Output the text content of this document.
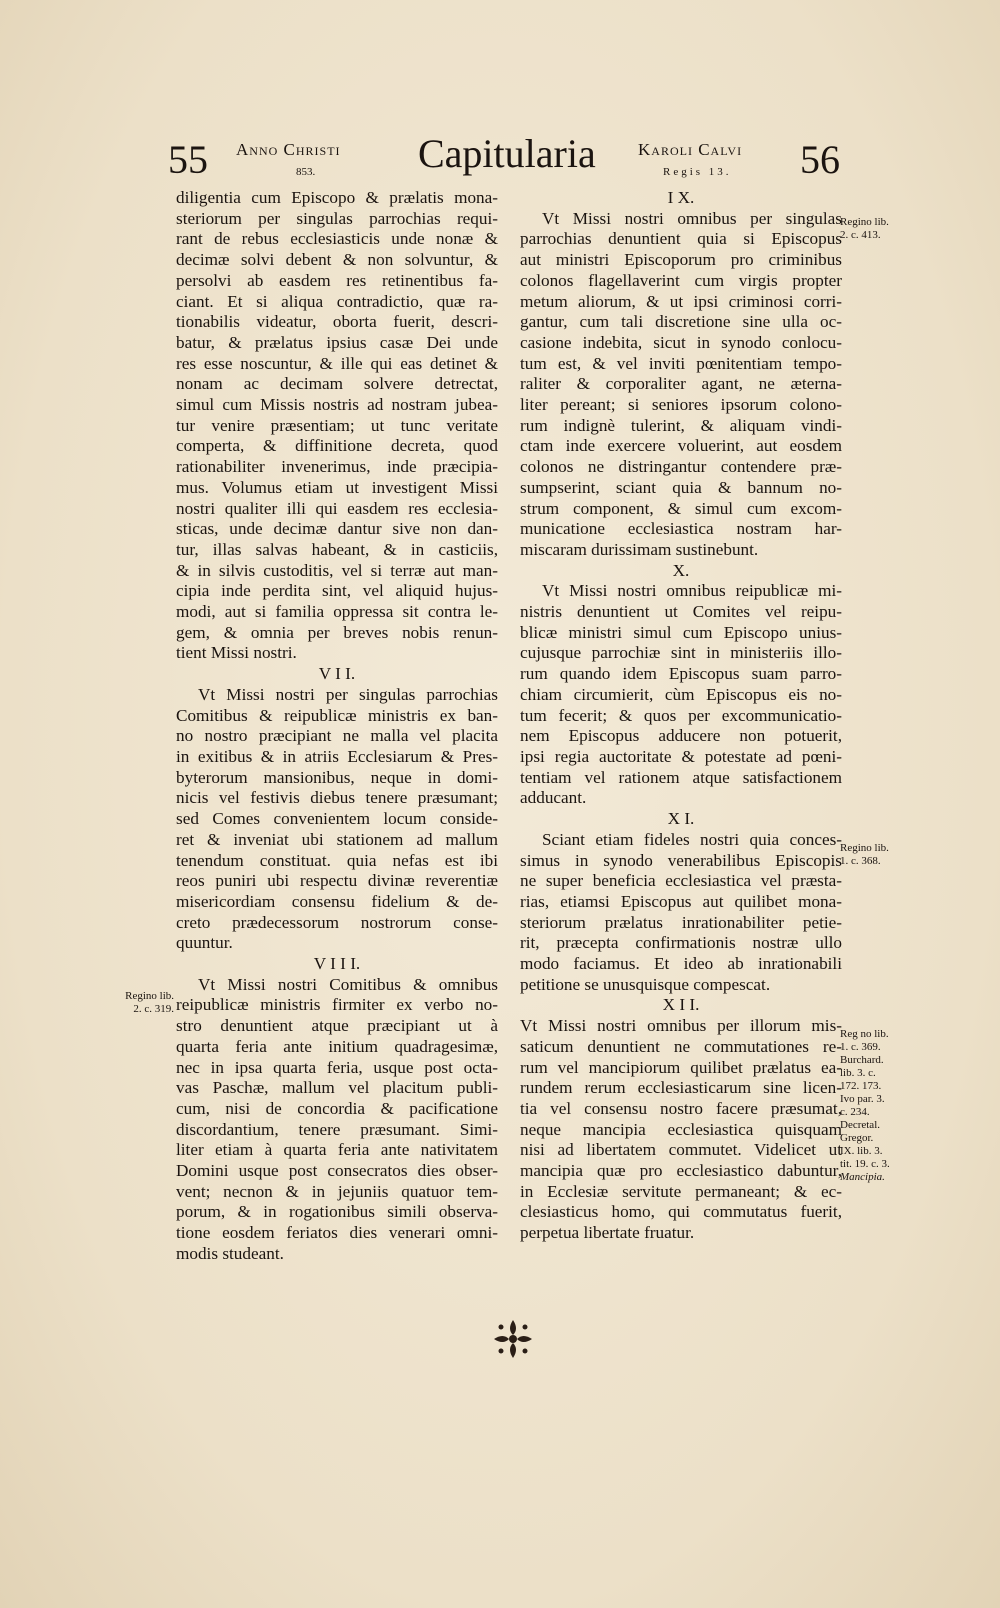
55 Anno Christi
853.	Capitularia Karoli Calvi
Regis 13. 56

diligentia cum Episcopo & prælatis mona-

steriorum per singulas parrochias requi-

rant de rebus ecclesiasticis unde nonæ &

decimæ solvi debent & non solvuntur, &

persolvi ab easdem res retinentibus fa-

ciant. Et si aliqua contradictio, quæ ra-

tionabilis videatur, oborta fuerit, descri-

batur, & prælatus ipsius casæ Dei unde

res esse noscuntur, & ille qui eas detinet &

nonam ac decimam solvere detrectat,

simul cum Missis nostris ad nostram jubea-

tur venire præsentiam; ut tunc veritate

comperta, & diffinitione decreta, quod

rationabiliter invenerimus, inde præcipia-

mus. Volumus etiam ut investigent Missi

nostri qualiter illi qui easdem res ecclesia-

sticas, unde decimæ dantur sive non dan-

tur, illas salvas habeant, & in casticiis,

& in silvis custoditis, vel si terræ aut man-

cipia inde perdita sint, vel aliquid hujus-

modi, aut si familia oppressa sit contra le-

gem, & omnia per breves nobis renun-

tient Missi nostri.

V I I.

Vt Missi nostri per singulas parrochias

Comitibus & reipublicæ ministris ex ban-

no nostro præcipiant ne malla vel placita

in exitibus & in atriis Ecclesiarum & Pres-

byterorum mansionibus, neque in domi-

nicis vel festivis diebus tenere præsumant;

sed Comes convenientem locum conside-

ret & inveniat ubi stationem ad mallum

tenendum constituat. quia nefas est ibi

reos puniri ubi respectu divinæ reverentiæ

misericordiam consensu fidelium & de-

creto prædecessorum nostrorum conse-

quuntur.

V I I I.

Vt Missi nostri Comitibus & omnibus

reipublicæ ministris firmiter ex verbo no-

stro denuntient atque præcipiant ut à

quarta feria ante initium quadragesimæ,

nec in ipsa quarta feria, usque post octa-

vas Paschæ, mallum vel placitum publi-

cum, nisi de concordia & pacificatione

discordantium, tenere præsumant. Simi-

liter etiam à quarta feria ante nativitatem

Domini usque post consecratos dies obser-

vent; necnon & in jejuniis quatuor tem-

porum, & in rogationibus simili observa-

tione eosdem feriatos dies venerari omni-

modis studeant.

I X.

Vt Missi nostri omnibus per singulas

parrochias denuntient quia si Episcopus

aut ministri Episcoporum pro criminibus

colonos flagellaverint cum virgis propter

metum aliorum, & ut ipsi criminosi corri-

gantur, cum tali discretione sine ulla oc-

casione indebita, sicut in synodo conlocu-

tum est, & vel inviti pœnitentiam tempo-

raliter & corporaliter agant, ne æterna-

liter pereant; si seniores ipsorum colono-

rum indignè tulerint, & aliquam vindi-

ctam inde exercere voluerint, aut eosdem

colonos ne distringantur contendere præ-

sumpserint, sciant quia & bannum no-

strum component, & simul cum excom-

municatione ecclesiastica nostram har-

miscaram durissimam sustinebunt.

X.

Vt Missi nostri omnibus reipublicæ mi-

nistris denuntient ut Comites vel reipu-

blicæ ministri simul cum Episcopo unius-

cujusque parrochiæ sint in ministeriis illo-

rum quando idem Episcopus suam parro-

chiam circumierit, cùm Episcopus eis no-

tum fecerit; & quos per excommunicatio-

nem Episcopus adducere non potuerit,

ipsi regia auctoritate & potestate ad pœni-

tentiam vel rationem atque satisfactionem

adducant.

X I.

Sciant etiam fideles nostri quia conces-

simus in synodo venerabilibus Episcopis

ne super beneficia ecclesiastica vel præsta-

rias, etiamsi Episcopus aut quilibet mona-

steriorum prælatus inrationabiliter petie-

rit, præcepta confirmationis nostræ ullo

modo faciamus. Et ideo ab inrationabili

petitione se unusquisque compescat.

X I I.

Vt Missi nostri omnibus per illorum mis-

saticum denuntient ne commutationes re-

rum vel mancipiorum quilibet prælatus ea-

rundem rerum ecclesiasticarum sine licen-

tia vel consensu nostro facere præsumat,

neque mancipia ecclesiastica quisquam

nisi ad libertatem commutet. Videlicet ut

mancipia quæ pro ecclesiastico dabuntur,

in Ecclesiæ servitute permaneant; & ec-

clesiasticus homo, qui commutatus fuerit,

perpetua libertate fruatur.

Regino lib.
2. c. 413.
Regino lib.
1. c. 368.
Reg no lib.
1. c. 369.
Burchard.
lib. 3. c.
172. 173.
Ivo par. 3.
c. 234.
Decretal.
Gregor.
IX. lib. 3.
tit. 19. c. 3.
Mancipia.
Regino lib.
2. c. 319.
